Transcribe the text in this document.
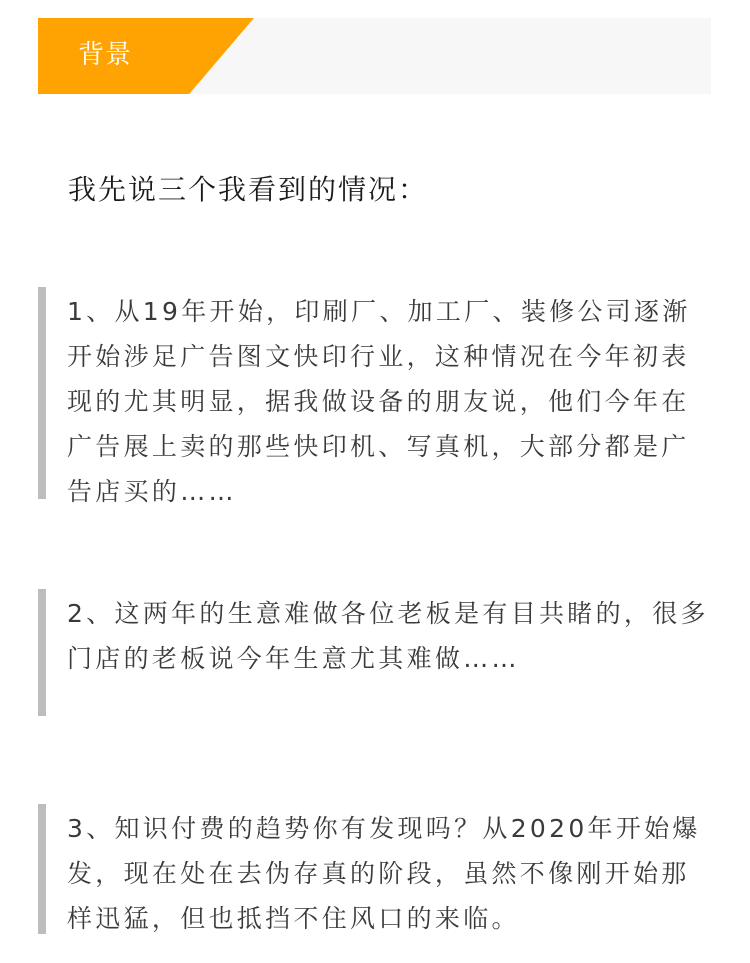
背景
我先说三个我看到的情况：

1、从19年开始，印刷厂、加工厂、装修公司逐渐开始涉足广告图文快印行业，这种情况在今年初表现的尤其明显，据我做设备的朋友说，他们今年在广告展上卖的那些快印机、写真机，大部分都是广告店买的……

2、这两年的生意难做各位老板是有目共睹的，很多门店的老板说今年生意尤其难做……

3、知识付费的趋势你有发现吗？从2020年开始爆发，现在处在去伪存真的阶段，虽然不像刚开始那样迅猛，但也抵挡不住风口的来临。
